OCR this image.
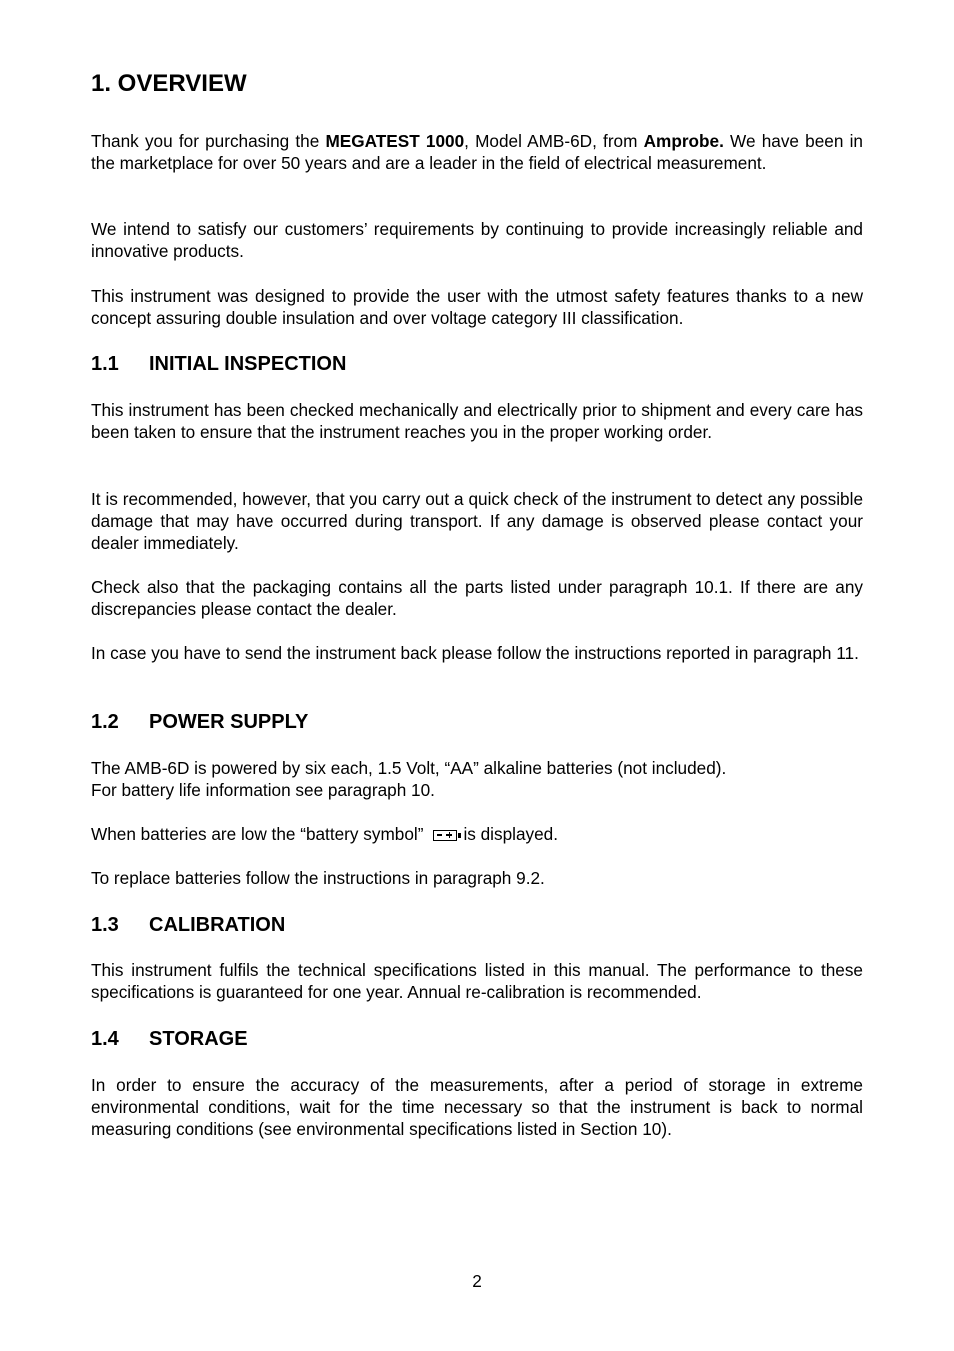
1. OVERVIEW

Thank you for purchasing the MEGATEST 1000, Model AMB-6D, from Amprobe. We have been in the marketplace for over 50 years and are a leader in the field of electrical measurement.

We intend to satisfy our customers’ requirements by continuing to provide increasingly reliable and innovative products.

This instrument was designed to provide the user with the utmost safety features thanks to a new concept assuring double insulation and over voltage category III classification.

1.1 INITIAL INSPECTION

This instrument has been checked mechanically and electrically prior to shipment and every care has been taken to ensure that the instrument reaches you in the proper working order.

It is recommended, however, that you carry out a quick check of the instrument to detect any possible damage that may have occurred during transport. If any damage is observed please contact your dealer immediately.

Check also that the packaging contains all the parts listed under paragraph 10.1. If there are any discrepancies please contact the dealer.

In case you have to send the instrument back please follow the instructions reported in paragraph 11.

1.2 POWER SUPPLY

The AMB-6D is powered by six each, 1.5 Volt, “AA” alkaline batteries (not included).
For battery life information see paragraph 10.

When batteries are low the “battery symbol” is displayed.

To replace batteries follow the instructions in paragraph 9.2.

1.3 CALIBRATION

This instrument fulfils the technical specifications listed in this manual. The performance to these specifications is guaranteed for one year. Annual re-calibration is recommended.

1.4 STORAGE

In order to ensure the accuracy of the measurements, after a period of storage in extreme environmental conditions, wait for the time necessary so that the instrument is back to normal measuring conditions (see environmental specifications listed in Section 10).

2
